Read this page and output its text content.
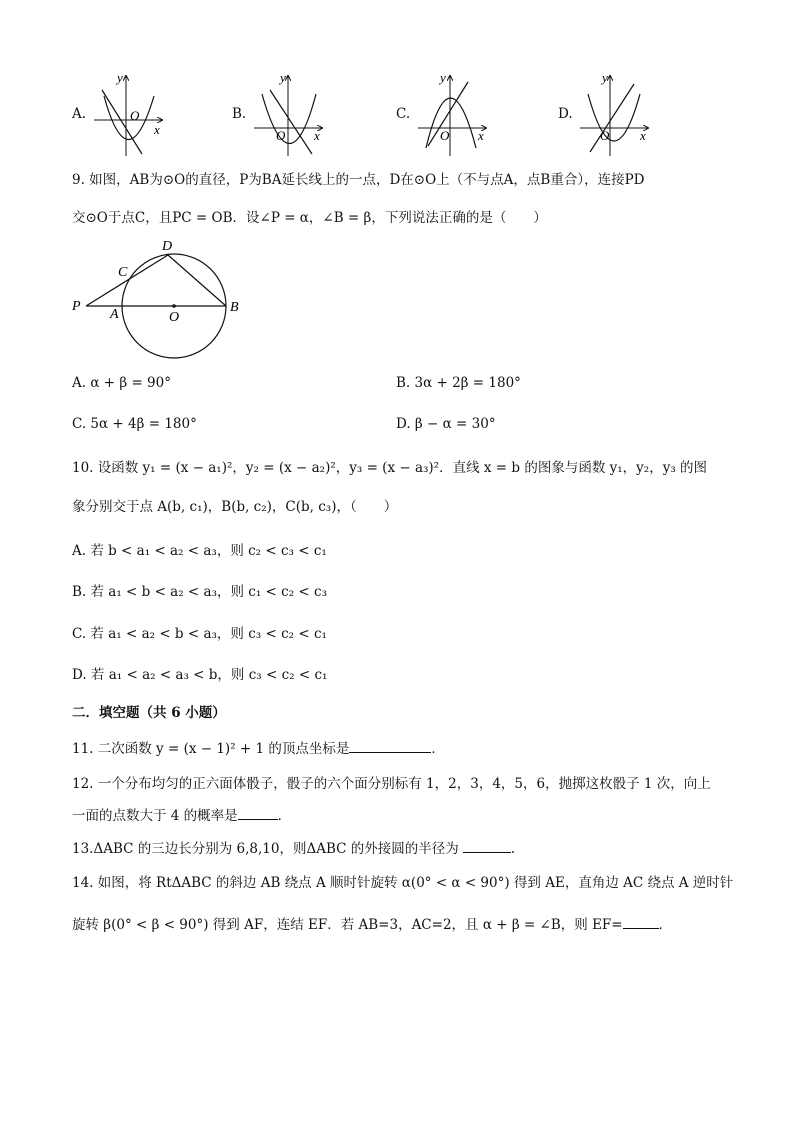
A.
y
x
O	B.
y
x
O
C.
y
x
O
D.
y
x
O
9. 如图，AB为⊙O的直径，P为BA延长线上的一点，D在⊙O上（不与点A，点B重合），连接PD
交⊙O于点C，且PC = OB．设∠P = α，∠B = β，下列说法正确的是（　　）
P
A	O
B
C
D
A. α + β = 90°	B. 3α + 2β = 180°
C. 5α + 4β = 180°	D. β − α = 30°
10. 设函数 y₁ = (x − a₁)²，y₂ = (x − a₂)²，y₃ = (x − a₃)²．直线 x = b 的图象与函数 y₁，y₂，y₃ 的图
象分别交于点 A(b, c₁)，B(b, c₂)，C(b, c₃)，（　　）
A. 若 b < a₁ < a₂ < a₃，则 c₂ < c₃ < c₁
B. 若 a₁ < b < a₂ < a₃，则 c₁ < c₂ < c₃
C. 若 a₁ < a₂ < b < a₃，则 c₃ < c₂ < c₁
D. 若 a₁ < a₂ < a₃ < b，则 c₃ < c₂ < c₁
二．填空题（共 6 小题）
11. 二次函数 y = (x − 1)² + 1 的顶点坐标是	．
12. 一个分布均匀的正六面体骰子，骰子的六个面分别标有 1，2，3，4，5，6，抛掷这枚骰子 1 次，向上
一面的点数大于 4 的概率是	．
13.ΔABC 的三边长分别为 6,8,10，则ΔABC 的外接圆的半径为	.
14. 如图，将 RtΔABC 的斜边 AB 绕点 A 顺时针旋转 α(0° < α < 90°) 得到 AE，直角边 AC 绕点 A 逆时针
旋转 β(0° < β < 90°) 得到 AF，连结 EF．若 AB=3，AC=2，且 α + β = ∠B，则 EF=	．
